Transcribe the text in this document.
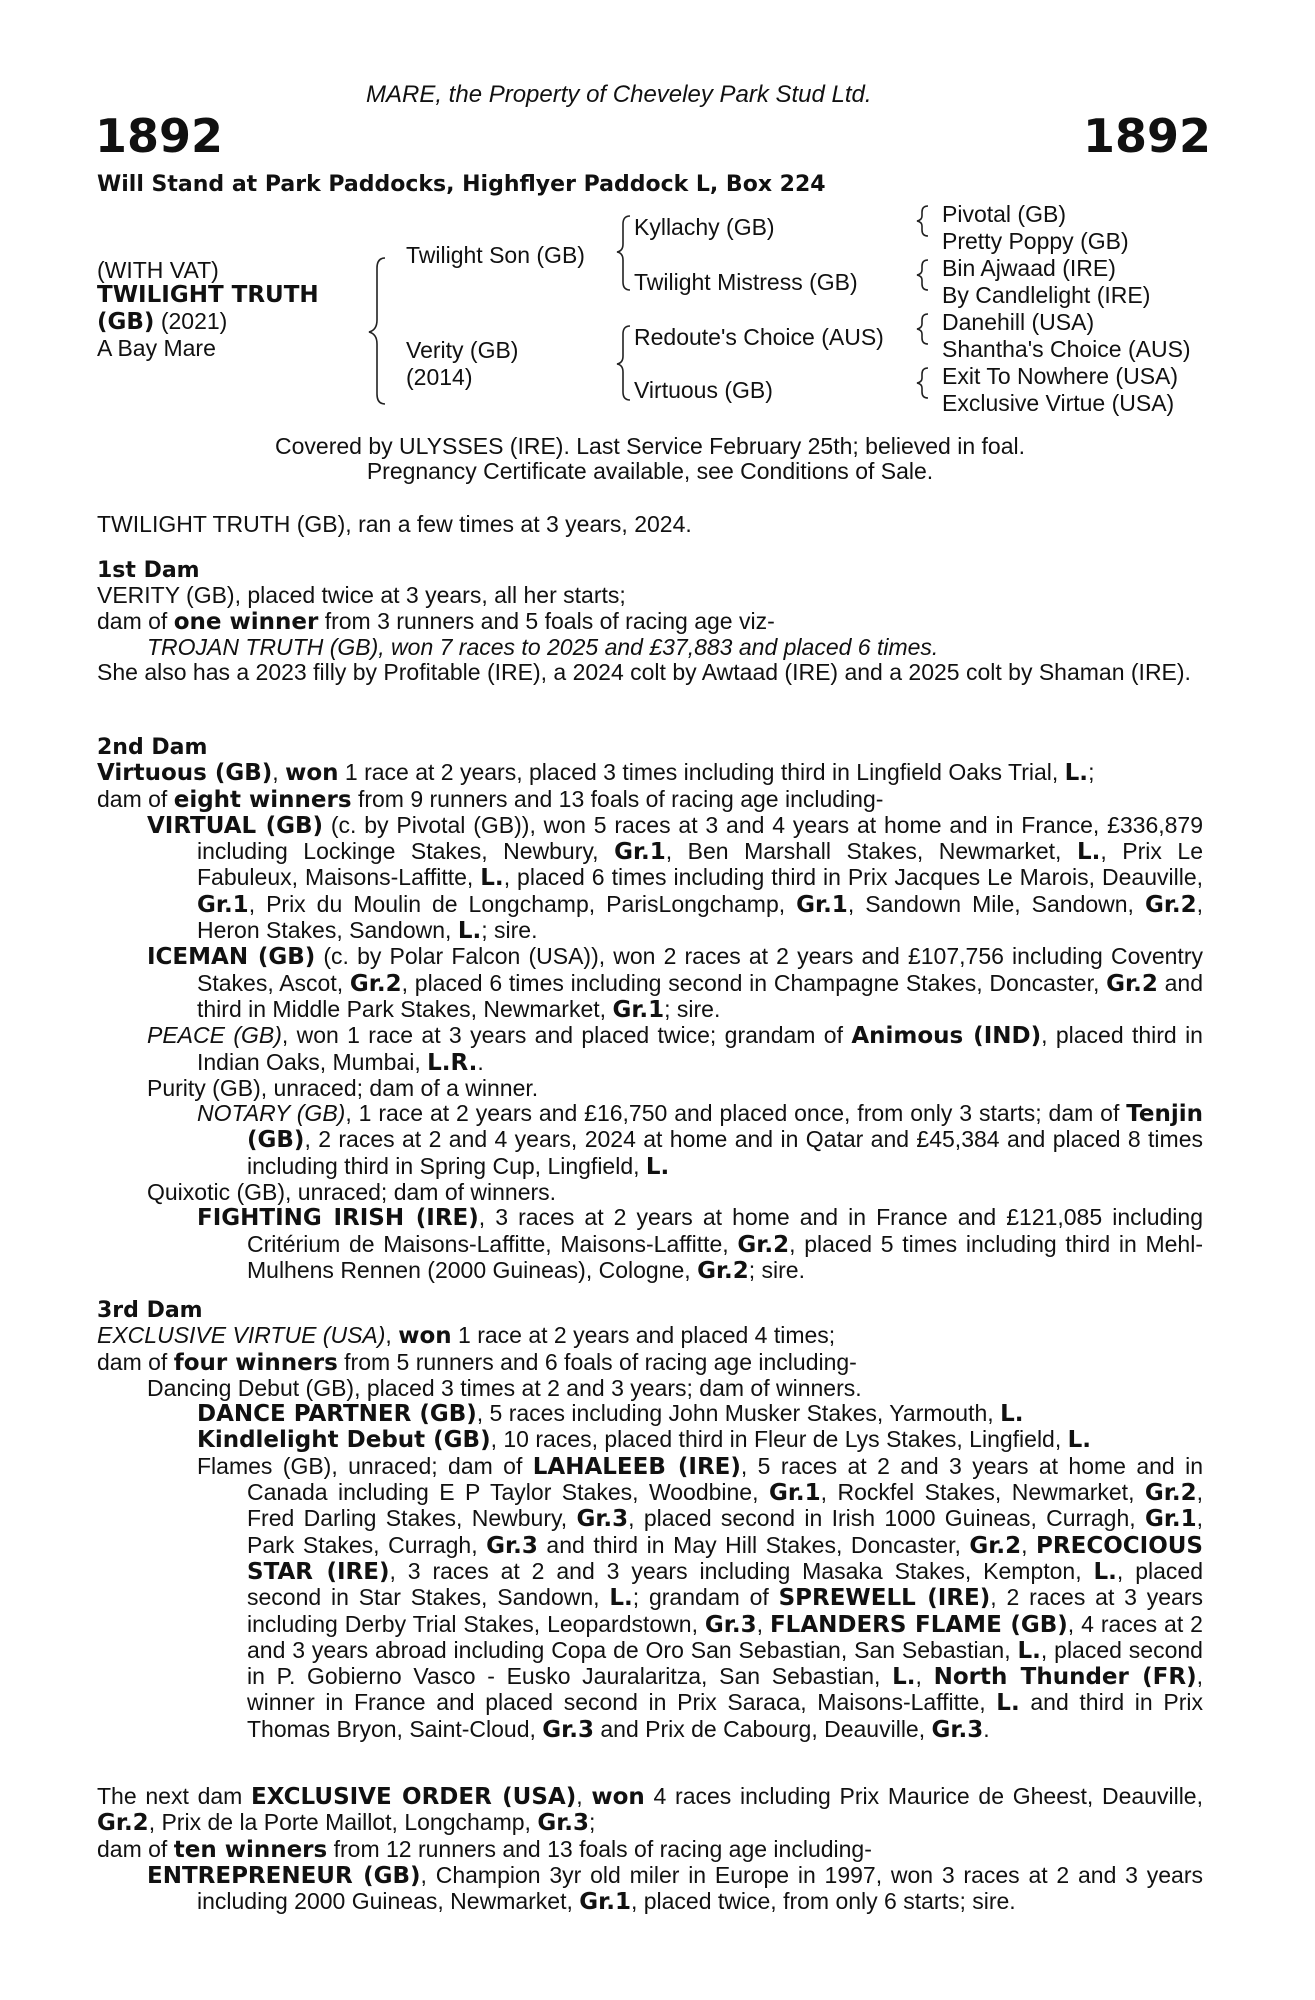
MARE, the Property of Cheveley Park Stud Ltd.
1892	1892
Will Stand at Park Paddocks, Highflyer Paddock L, Box 224
(WITH VAT)
TWILIGHT TRUTH
(GB) (2021)
A Bay Mare
Twilight Son (GB)
Verity (GB)
(2014)
Kyllachy (GB)
Twilight Mistress (GB)
Redoute's Choice (AUS)
Virtuous (GB)
Pivotal (GB)
Pretty Poppy (GB)
Bin Ajwaad (IRE)
By Candlelight (IRE)
Danehill (USA)
Shantha's Choice (AUS)
Exit To Nowhere (USA)
Exclusive Virtue (USA)
Covered by ULYSSES (IRE). Last Service February 25th; believed in foal.
Pregnancy Certificate available, see Conditions of Sale.
TWILIGHT TRUTH (GB), ran a few times at 3 years, 2024.
1st Dam
VERITY (GB), placed twice at 3 years, all her starts;
dam of one winner from 3 runners and 5 foals of racing age viz-
TROJAN TRUTH (GB), won 7 races to 2025 and £37,883 and placed 6 times.
She also has a 2023 filly by Profitable (IRE), a 2024 colt by Awtaad (IRE) and a 2025 colt by Shaman (IRE).
2nd Dam
Virtuous (GB), won 1 race at 2 years, placed 3 times including third in Lingfield Oaks Trial, L.;
dam of eight winners from 9 runners and 13 foals of racing age including-
VIRTUAL (GB) (c. by Pivotal (GB)), won 5 races at 3 and 4 years at home and in France, £336,879 including Lockinge Stakes, Newbury, Gr.1, Ben Marshall Stakes, Newmarket, L., Prix Le Fabuleux, Maisons-Laffitte, L., placed 6 times including third in Prix Jacques Le Marois, Deauville, Gr.1, Prix du Moulin de Longchamp, ParisLongchamp, Gr.1, Sandown Mile, Sandown, Gr.2, Heron Stakes, Sandown, L.; sire.
ICEMAN (GB) (c. by Polar Falcon (USA)), won 2 races at 2 years and £107,756 including Coventry Stakes, Ascot, Gr.2, placed 6 times including second in Champagne Stakes, Doncaster, Gr.2 and third in Middle Park Stakes, Newmarket, Gr.1; sire.
PEACE (GB), won 1 race at 3 years and placed twice; grandam of Animous (IND), placed third in Indian Oaks, Mumbai, L.R..
Purity (GB), unraced; dam of a winner.
NOTARY (GB), 1 race at 2 years and £16,750 and placed once, from only 3 starts; dam of Tenjin (GB), 2 races at 2 and 4 years, 2024 at home and in Qatar and £45,384 and placed 8 times including third in Spring Cup, Lingfield, L.
Quixotic (GB), unraced; dam of winners.
FIGHTING IRISH (IRE), 3 races at 2 years at home and in France and £121,085 including Critérium de Maisons-Laffitte, Maisons-Laffitte, Gr.2, placed 5 times including third in Mehl-Mulhens Rennen (2000 Guineas), Cologne, Gr.2; sire.
3rd Dam
EXCLUSIVE VIRTUE (USA), won 1 race at 2 years and placed 4 times;
dam of four winners from 5 runners and 6 foals of racing age including-
Dancing Debut (GB), placed 3 times at 2 and 3 years; dam of winners.
DANCE PARTNER (GB), 5 races including John Musker Stakes, Yarmouth, L.
Kindlelight Debut (GB), 10 races, placed third in Fleur de Lys Stakes, Lingfield, L.
Flames (GB), unraced; dam of LAHALEEB (IRE), 5 races at 2 and 3 years at home and in Canada including E P Taylor Stakes, Woodbine, Gr.1, Rockfel Stakes, Newmarket, Gr.2, Fred Darling Stakes, Newbury, Gr.3, placed second in Irish 1000 Guineas, Curragh, Gr.1, Park Stakes, Curragh, Gr.3 and third in May Hill Stakes, Doncaster, Gr.2, PRECOCIOUS STAR (IRE), 3 races at 2 and 3 years including Masaka Stakes, Kempton, L., placed second in Star Stakes, Sandown, L.; grandam of SPREWELL (IRE), 2 races at 3 years including Derby Trial Stakes, Leopardstown, Gr.3, FLANDERS FLAME (GB), 4 races at 2 and 3 years abroad including Copa de Oro San Sebastian, San Sebastian, L., placed second in P. Gobierno Vasco - Eusko Jauralaritza, San Sebastian, L., North Thunder (FR), winner in France and placed second in Prix Saraca, Maisons-Laffitte, L. and third in Prix Thomas Bryon, Saint-Cloud, Gr.3 and Prix de Cabourg, Deauville, Gr.3.
The next dam EXCLUSIVE ORDER (USA), won 4 races including Prix Maurice de Gheest, Deauville, Gr.2, Prix de la Porte Maillot, Longchamp, Gr.3;
dam of ten winners from 12 runners and 13 foals of racing age including-
ENTREPRENEUR (GB), Champion 3yr old miler in Europe in 1997, won 3 races at 2 and 3 years including 2000 Guineas, Newmarket, Gr.1, placed twice, from only 6 starts; sire.
